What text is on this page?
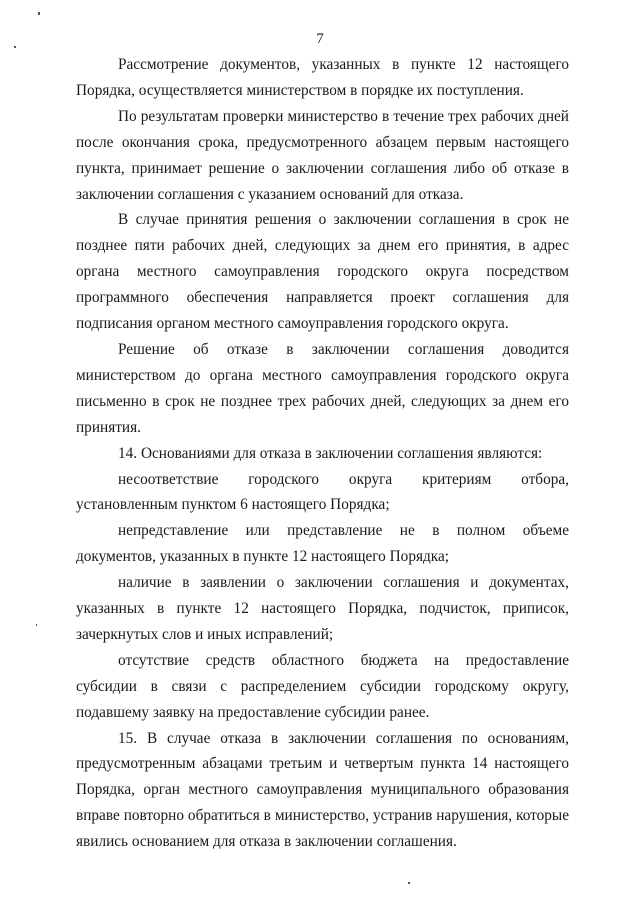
7

Рассмотрение документов, указанных в пункте 12 настоящего Порядка, осуществляется министерством в порядке их поступления.

По результатам проверки министерство в течение трех рабочих дней после окончания срока, предусмотренного абзацем первым настоящего пункта, принимает решение о заключении соглашения либо об отказе в заключении соглашения с указанием оснований для отказа.

В случае принятия решения о заключении соглашения в срок не позднее пяти рабочих дней, следующих за днем его принятия, в адрес органа местного самоуправления городского округа посредством программного обеспечения направляется проект соглашения для подписания органом местного самоуправления городского округа.

Решение об отказе в заключении соглашения доводится министерством до органа местного самоуправления городского округа письменно в срок не позднее трех рабочих дней, следующих за днем его принятия.

14. Основаниями для отказа в заключении соглашения являются:

несоответствие городского округа критериям отбора, установленным пунктом 6 настоящего Порядка;

непредставление или представление не в полном объеме документов, указанных в пункте 12 настоящего Порядка;

наличие в заявлении о заключении соглашения и документах, указанных в пункте 12 настоящего Порядка, подчисток, приписок, зачеркнутых слов и иных исправлений;

отсутствие средств областного бюджета на предоставление субсидии в связи с распределением субсидии городскому округу, подавшему заявку на предоставление субсидии ранее.

15. В случае отказа в заключении соглашения по основаниям, предусмотренным абзацами третьим и четвертым пункта 14 настоящего Порядка, орган местного самоуправления муниципального образования вправе повторно обратиться в министерство, устранив нарушения, которые явились основанием для отказа в заключении соглашения.
